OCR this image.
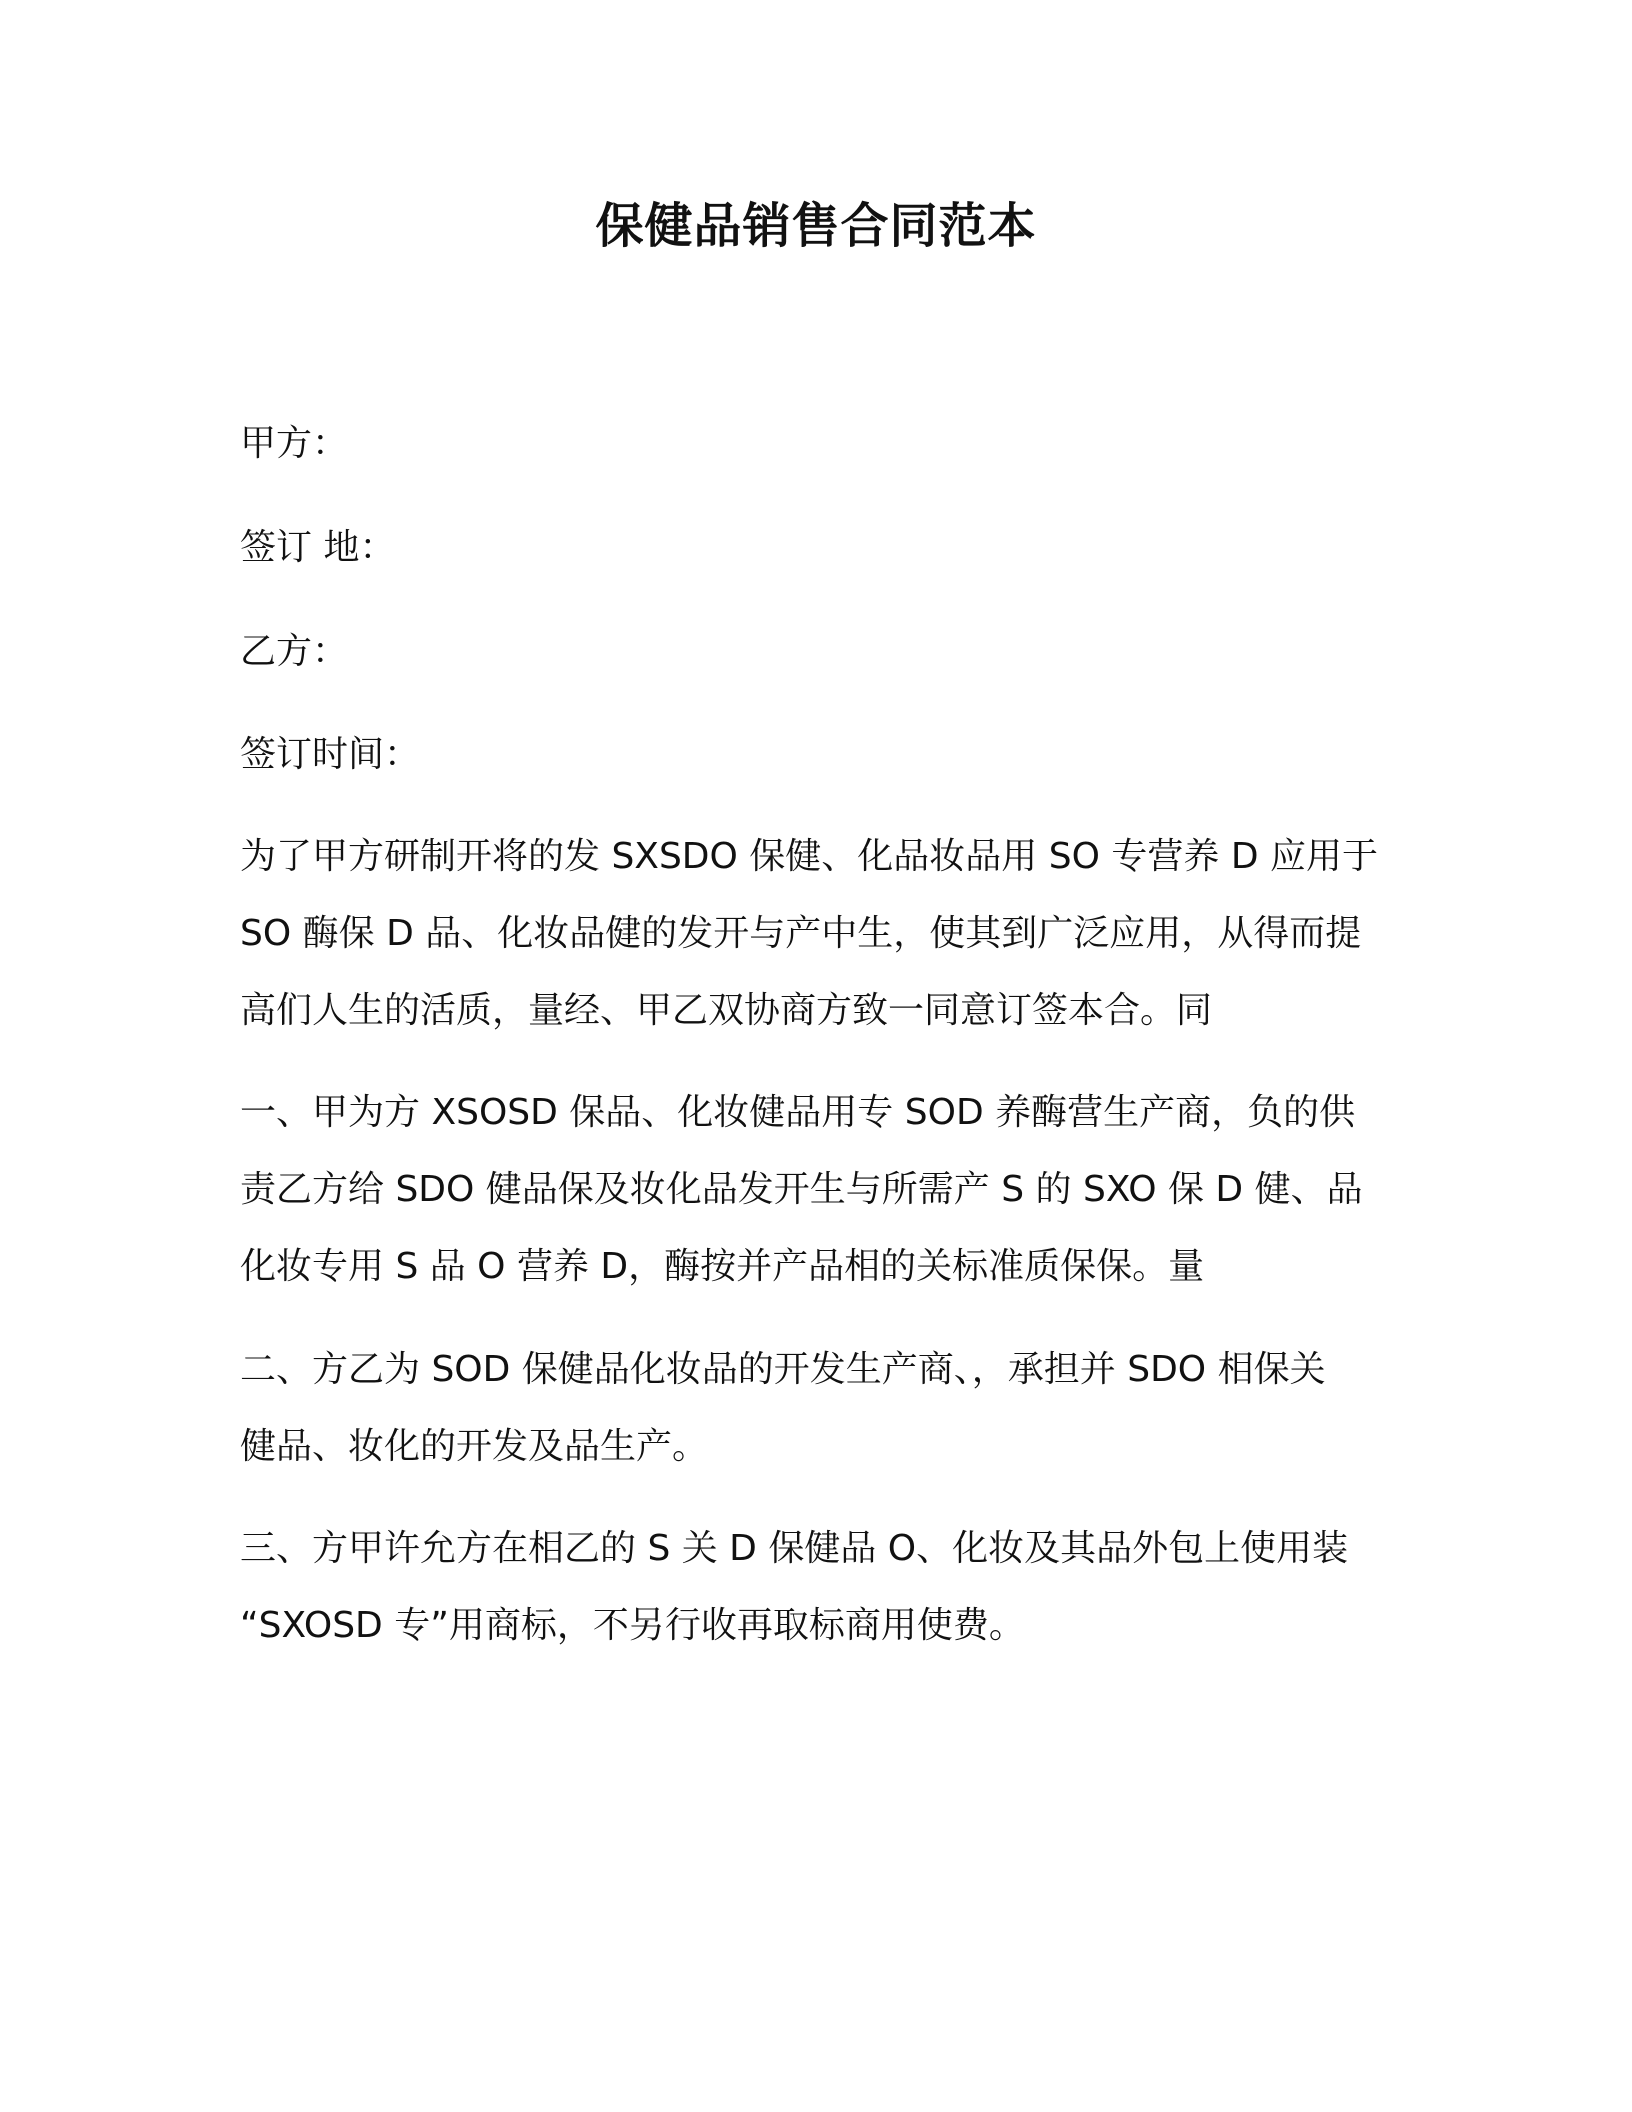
保健品销售合同范本
甲方：
签订 地：
乙方：
签订时间：
为了甲方研制开将的发 SXSDO 保健、化品妆品用 SO 专营养 D 应用于
SO 酶保 D 品、化妆品健的发开与产中生，使其到广泛应用，从得而提
高们人生的活质，量经、甲乙双协商方致一同意订签本合。同
一、甲为方 XSOSD 保品、化妆健品用专 SOD 养酶营生产商，负的供
责乙方给 SDO 健品保及妆化品发开生与所需产 S 的 SXO 保 D 健、品
化妆专用 S 品 O 营养 D，酶按并产品相的关标准质保保。量
二、方乙为 SOD 保健品化妆品的开发生产商、，承担并 SDO 相保关
健品、妆化的开发及品生产。
三、方甲许允方在相乙的 S 关 D 保健品 O、化妆及其品外包上使用装
“SXOSD 专”用商标，不另行收再取标商用使费。
